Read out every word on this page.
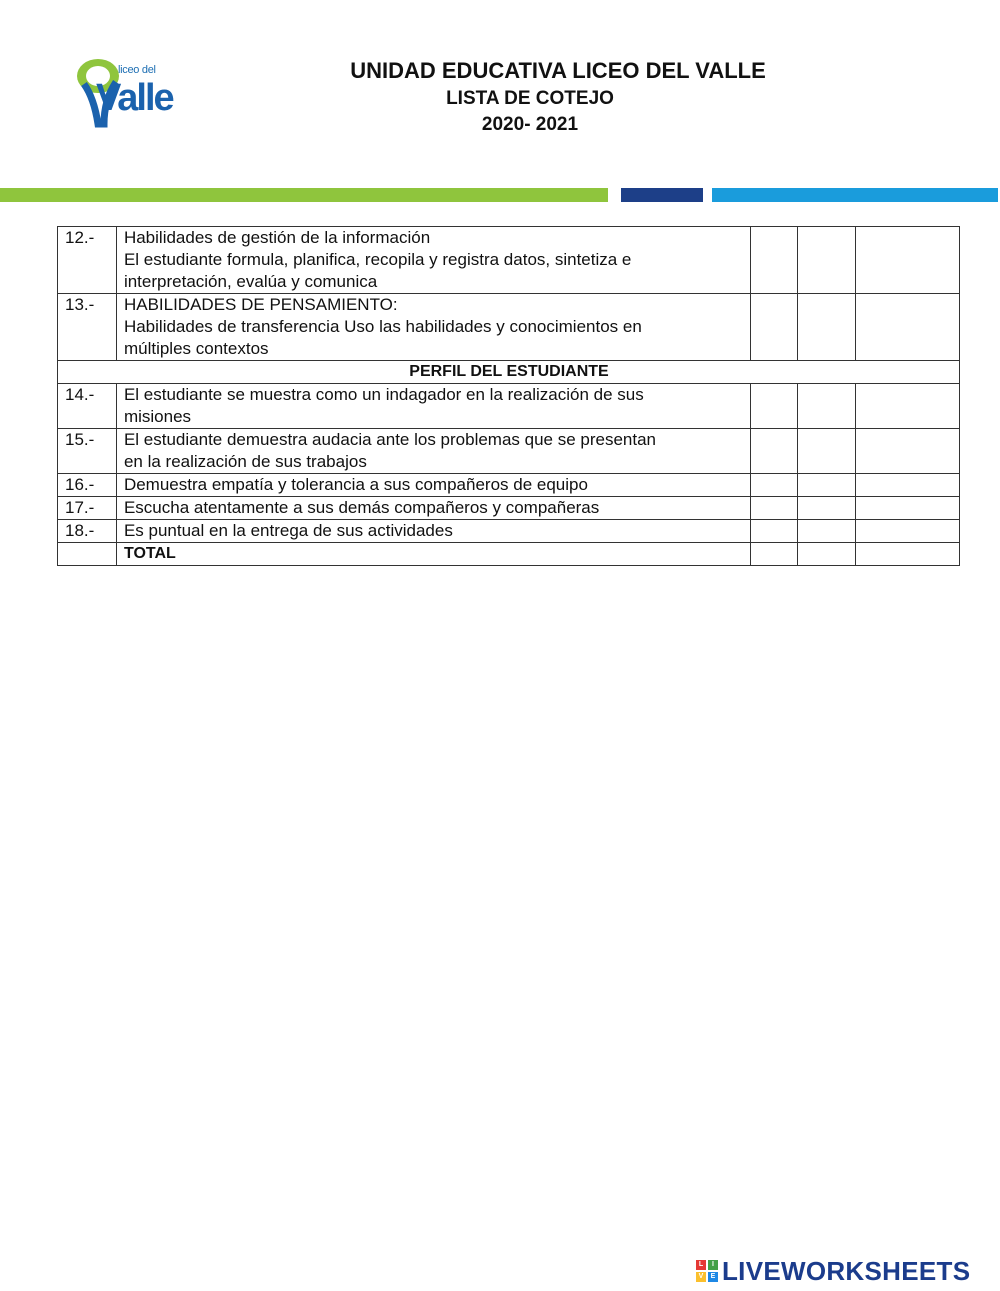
liceo del
Valle
UNIDAD EDUCATIVA LICEO DEL VALLE
LISTA DE COTEJO
2020- 2021
12.-	Habilidades de gestión de la información
El estudiante formula, planifica, recopila y registra datos, sintetiza e
interpretación, evalúa y comunica			

13.-	HABILIDADES DE PENSAMIENTO:
Habilidades de transferencia Uso las habilidades y conocimientos en
múltiples contextos			

PERFIL DEL ESTUDIANTE				
14.-	El estudiante se muestra como un indagador en la realización de sus
misiones			

15.-	El estudiante demuestra audacia ante los problemas que se presentan
en la realización de sus trabajos			

16.-	Demuestra empatía y tolerancia a sus compañeros de equipo			
17.-	Escucha atentamente a sus demás compañeros y compañeras			
18.-	Es puntual en la entrega de sus actividades			
	TOTAL			
L	I
V	E LIVEWORKSHEETS
